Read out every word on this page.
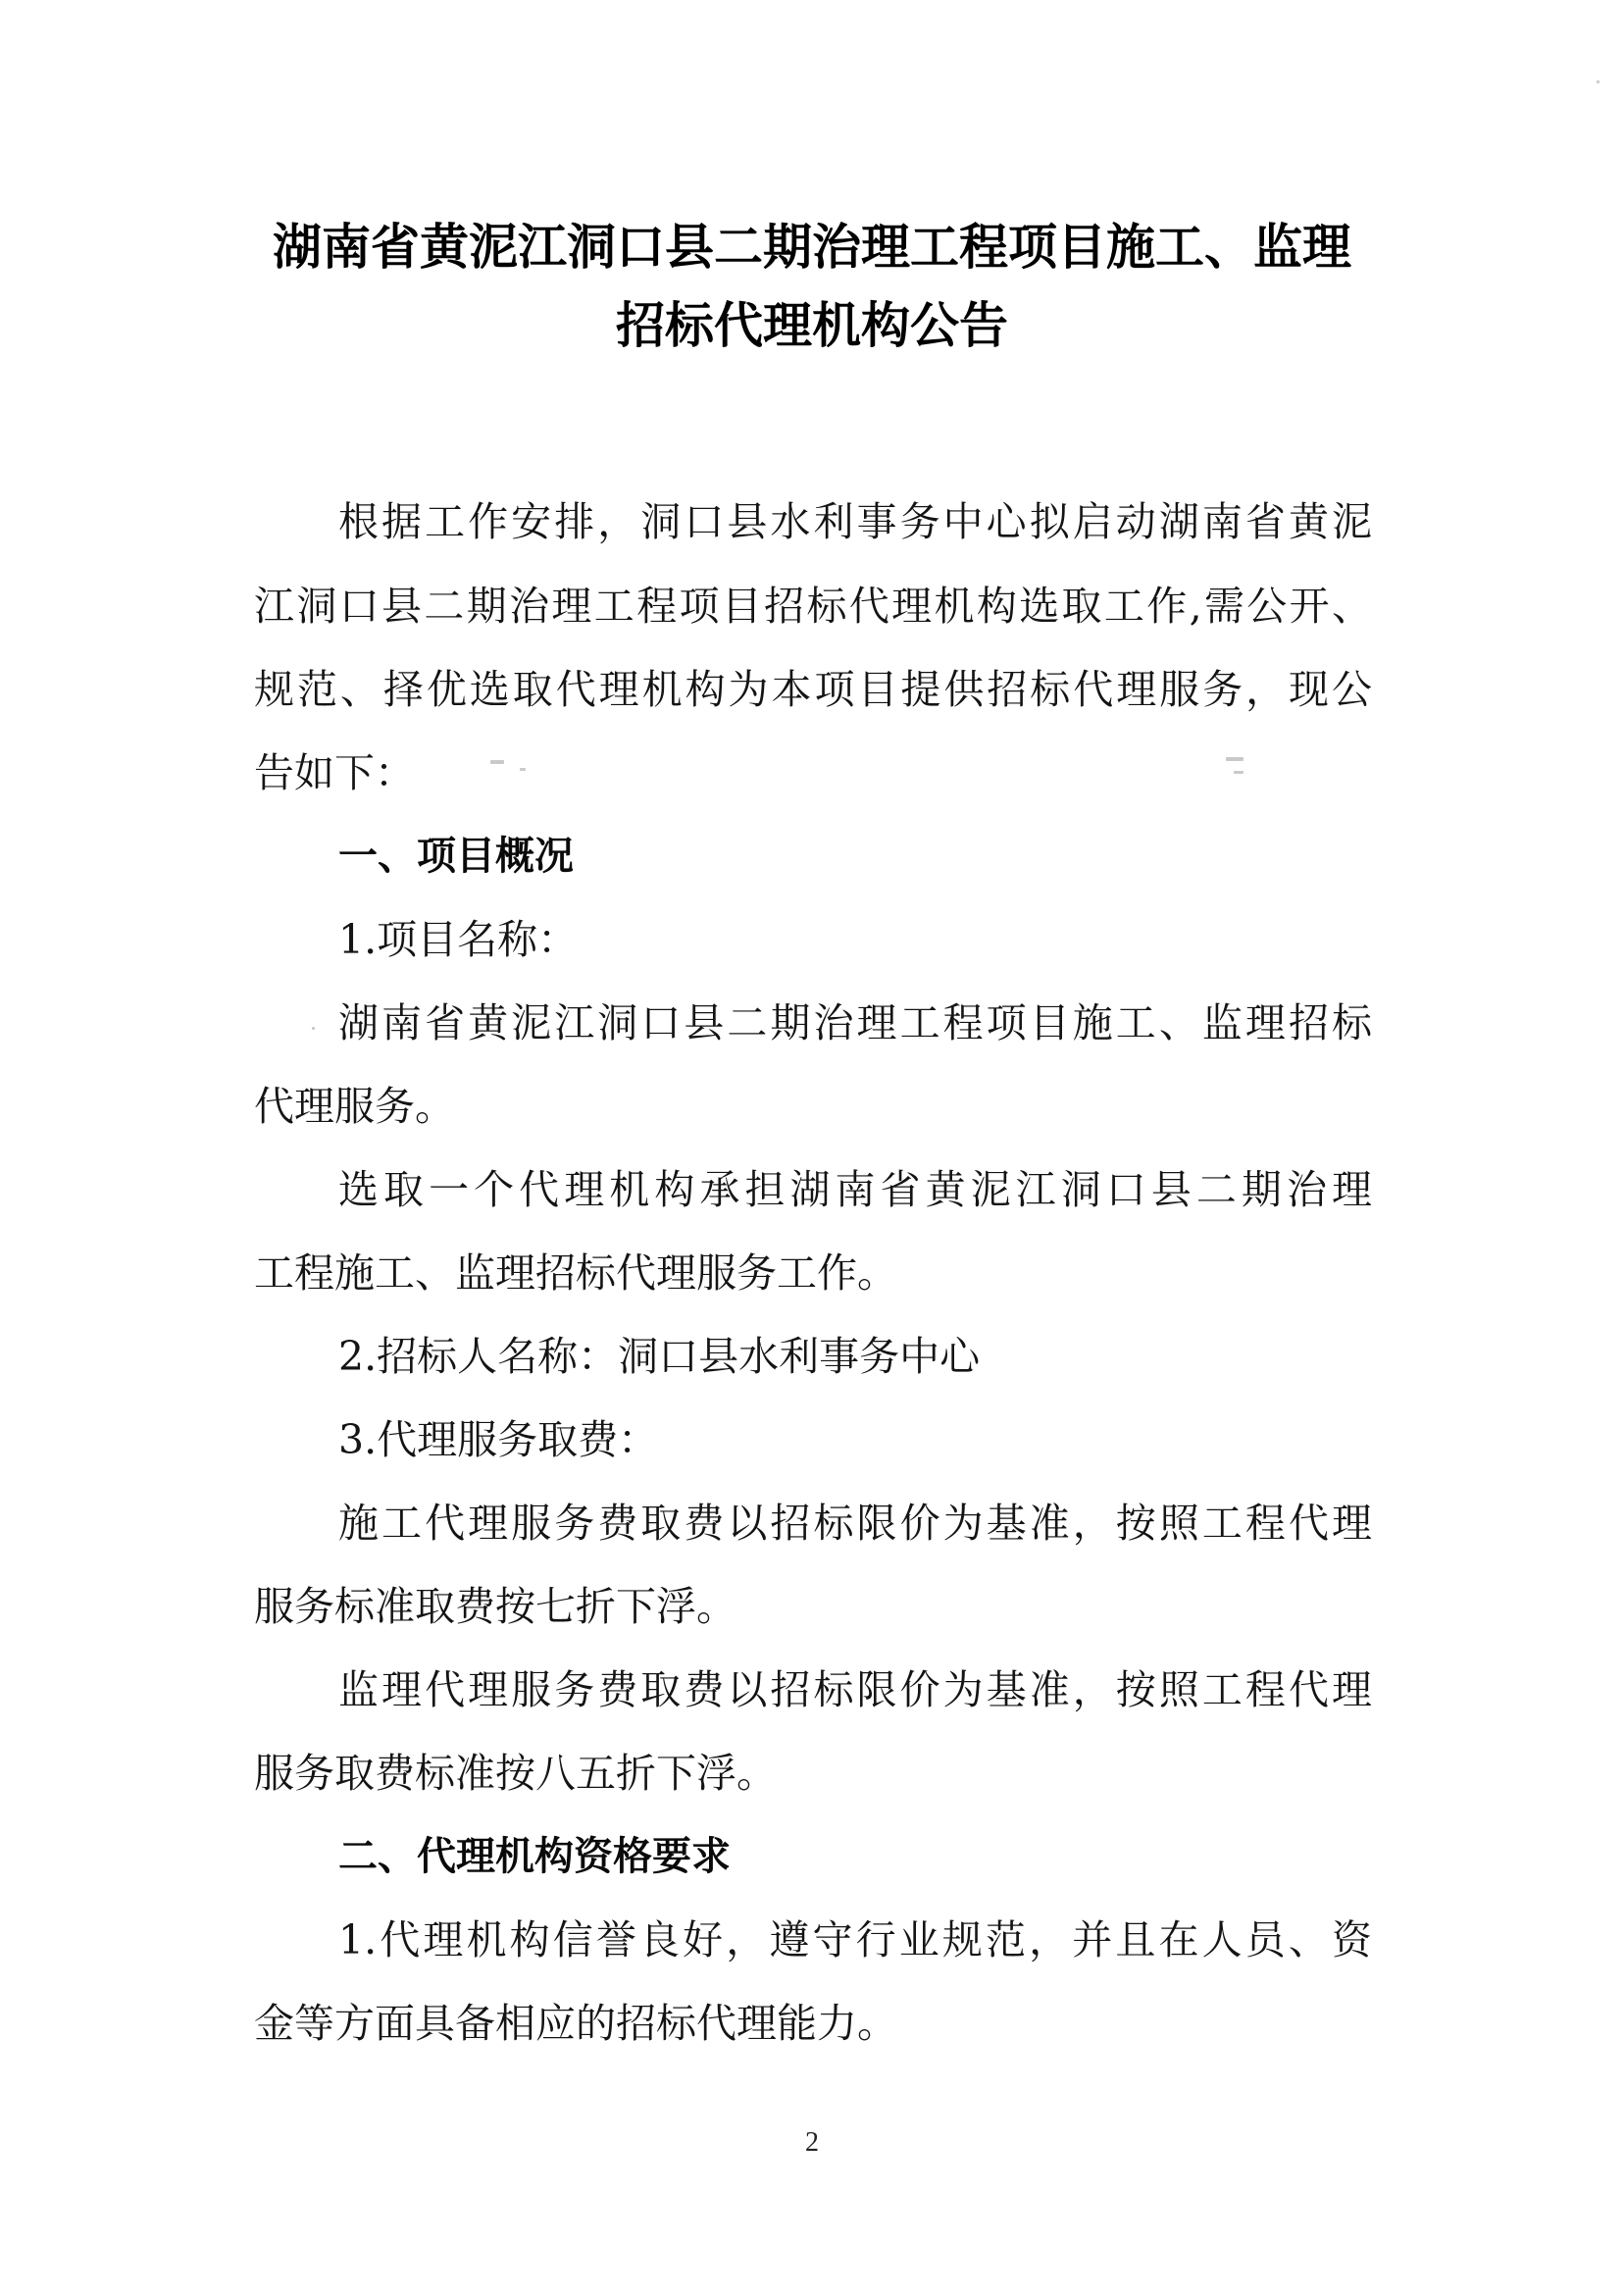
湖南省黄泥江洞口县二期治理工程项目施工、监理
招标代理机构公告
根据工作安排，洞口县水利事务中心拟启动湖南省黄泥
江洞口县二期治理工程项目招标代理机构选取工作,需公开、
规范、择优选取代理机构为本项目提供招标代理服务，现公
告如下：
一、项目概况
1.项目名称：
湖南省黄泥江洞口县二期治理工程项目施工、监理招标
代理服务。
选取一个代理机构承担湖南省黄泥江洞口县二期治理
工程施工、监理招标代理服务工作。
2.招标人名称：洞口县水利事务中心
3.代理服务取费：
施工代理服务费取费以招标限价为基准，按照工程代理
服务标准取费按七折下浮。
监理代理服务费取费以招标限价为基准，按照工程代理
服务取费标准按八五折下浮。
二、代理机构资格要求
1.代理机构信誉良好，遵守行业规范，并且在人员、资
金等方面具备相应的招标代理能力。
2
